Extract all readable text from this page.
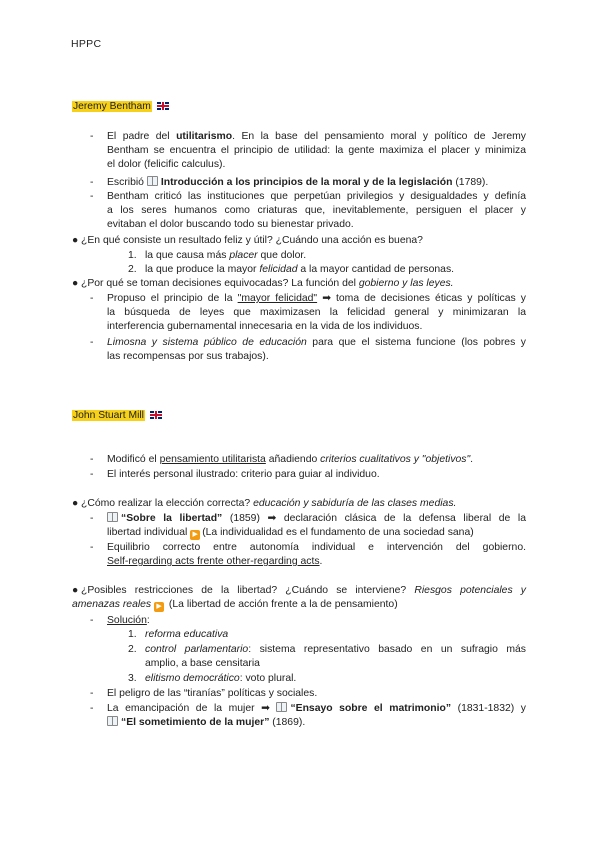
HPPC
Jeremy Bentham
- El padre del utilitarismo. En la base del pensamiento moral y político de Jeremy
Bentham se encuentra el principio de utilidad: la gente maximiza el placer y minimiza
el dolor (felicific calculus).
- Escribió Introducción a los principios de la moral y de la legislación (1789).
- Bentham criticó las instituciones que perpetúan privilegios y desigualdades y definía
a los seres humanos como criaturas que, inevitablemente, persiguen el placer y
evitaban el dolor buscando todo su bienestar privado.
● ¿En qué consiste un resultado feliz y útil? ¿Cuándo una acción es buena?
1. la que causa más placer que dolor.
2. la que produce la mayor felicidad a la mayor cantidad de personas.
● ¿Por qué se toman decisiones equivocadas? La función del gobierno y las leyes.
- Propuso el principio de la "mayor felicidad" ➡ toma de decisiones éticas y políticas y
la búsqueda de leyes que maximizasen la felicidad general y minimizaran la
interferencia gubernamental innecesaria en la vida de los individuos.
- Limosna y sistema público de educación para que el sistema funcione (los pobres y
las recompensas por sus trabajos).
John Stuart Mill
- Modificó el pensamiento utilitarista añadiendo criterios cualitativos y "objetivos".
- El interés personal ilustrado: criterio para guiar al individuo.
● ¿Cómo realizar la elección correcta? educación y sabiduría de las clases medias.
-	“Sobre la libertad” (1859) ➡ declaración clásica de la defensa liberal de la
libertad individual ▶ (La individualidad es el fundamento de una sociedad sana)
- Equilibrio correcto entre autonomía individual e intervención del gobierno.
Self-regarding acts frente other-regarding acts.
● ¿Posibles restricciones de la libertad? ¿Cuándo se interviene? Riesgos potenciales y
amenazas reales ▶ (La libertad de acción frente a la de pensamiento)
- Solución:
1. reforma educativa
2. control parlamentario: sistema representativo basado en un sufragio más
amplio, a base censitaria
3. elitismo democrático: voto plural.
- El peligro de las “tiranías” políticas y sociales.
- La emancipación de la mujer ➡ “Ensayo sobre el matrimonio” (1831-1832) y
“El sometimiento de la mujer” (1869).
